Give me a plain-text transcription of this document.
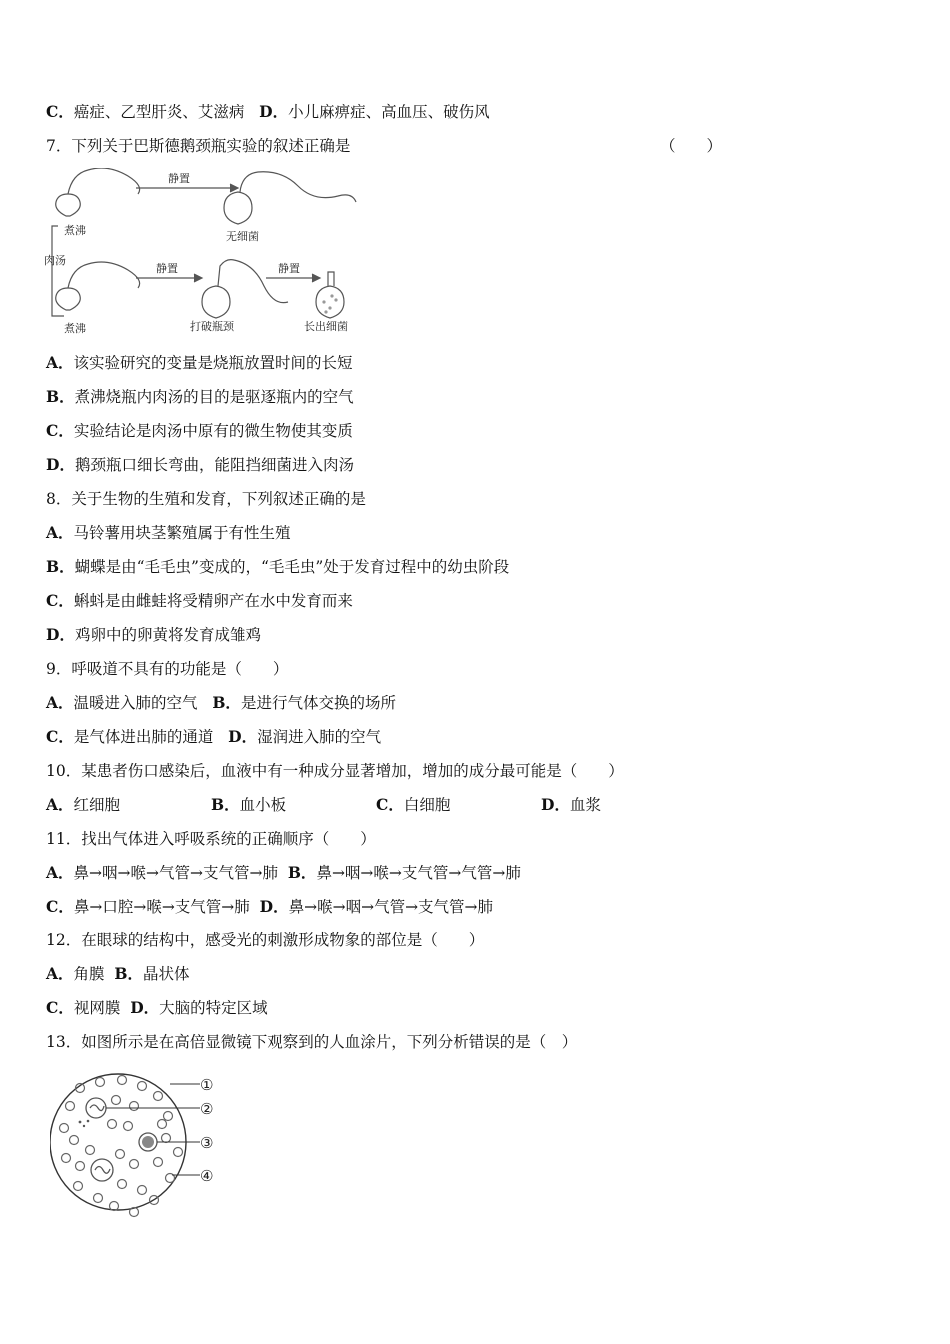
C．癌症、乙型肝炎、艾滋病 D．小儿麻痹症、高血压、破伤风

7．下列关于巴斯德鹅颈瓶实验的叙述正确是	（　　）
静置
煮沸	无细菌
肉汤
静置	静置
煮沸	打破瓶颈	长出细菌

A．该实验研究的变量是烧瓶放置时间的长短

B．煮沸烧瓶内肉汤的目的是驱逐瓶内的空气

C．实验结论是肉汤中原有的微生物使其变质

D．鹅颈瓶口细长弯曲，能阻挡细菌进入肉汤

8．关于生物的生殖和发育，下列叙述正确的是

A．马铃薯用块茎繁殖属于有性生殖

B．蝴蝶是由“毛毛虫”变成的，“毛毛虫”处于发育过程中的幼虫阶段

C．蝌蚪是由雌蛙将受精卵产在水中发育而来

D．鸡卵中的卵黄将发育成雏鸡

9．呼吸道不具有的功能是（　　）

A．温暖进入肺的空气 B．是进行气体交换的场所

C．是气体进出肺的通道 D．湿润进入肺的空气

10．某患者伤口感染后，血液中有一种成分显著增加，增加的成分最可能是（　　）

A．红细胞	B．血小板	C．白细胞	D．血浆

11．找出气体进入呼吸系统的正确顺序（　　）

A．鼻→咽→喉→气管→支气管→肺 B．鼻→咽→喉→支气管→气管→肺

C．鼻→口腔→喉→支气管→肺 D．鼻→喉→咽→气管→支气管→肺

12．在眼球的结构中，感受光的刺激形成物象的部位是（　　）

A．角膜 B．晶状体

C．视网膜 D．大脑的特定区域

13．如图所示是在高倍显微镜下观察到的人血涂片，下列分析错误的是（　）

①
②
③
④
